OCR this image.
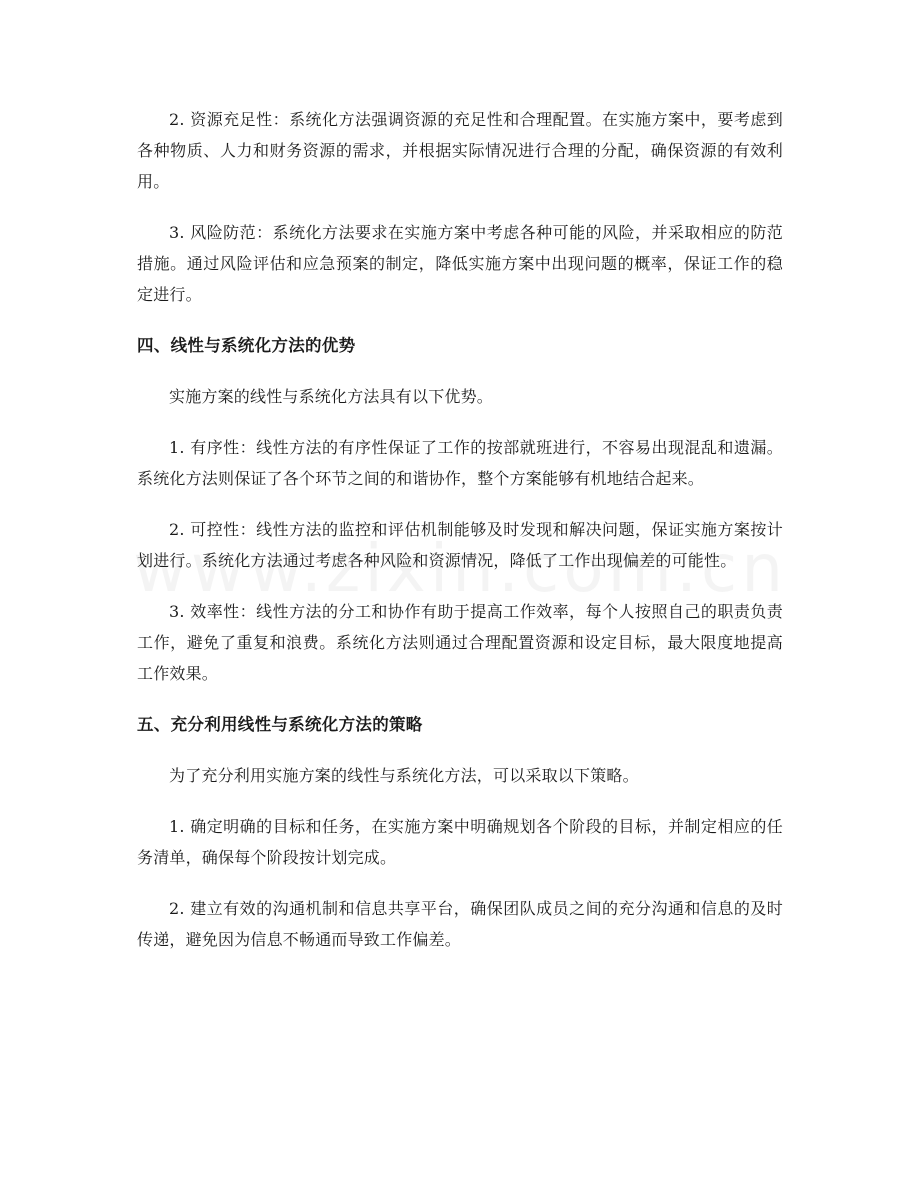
2. 资源充足性：系统化方法强调资源的充足性和合理配置。在实施方案中，要考虑到各种物质、人力和财务资源的需求，并根据实际情况进行合理的分配，确保资源的有效利用。

3. 风险防范：系统化方法要求在实施方案中考虑各种可能的风险，并采取相应的防范措施。通过风险评估和应急预案的制定，降低实施方案中出现问题的概率，保证工作的稳定进行。

四、线性与系统化方法的优势

实施方案的线性与系统化方法具有以下优势。

1. 有序性：线性方法的有序性保证了工作的按部就班进行，不容易出现混乱和遗漏。系统化方法则保证了各个环节之间的和谐协作，整个方案能够有机地结合起来。

2. 可控性：线性方法的监控和评估机制能够及时发现和解决问题，保证实施方案按计划进行。系统化方法通过考虑各种风险和资源情况，降低了工作出现偏差的可能性。

3. 效率性：线性方法的分工和协作有助于提高工作效率，每个人按照自己的职责负责工作，避免了重复和浪费。系统化方法则通过合理配置资源和设定目标，最大限度地提高工作效果。

五、充分利用线性与系统化方法的策略

为了充分利用实施方案的线性与系统化方法，可以采取以下策略。

1. 确定明确的目标和任务，在实施方案中明确规划各个阶段的目标，并制定相应的任务清单，确保每个阶段按计划完成。

2. 建立有效的沟通机制和信息共享平台，确保团队成员之间的充分沟通和信息的及时传递，避免因为信息不畅通而导致工作偏差。
